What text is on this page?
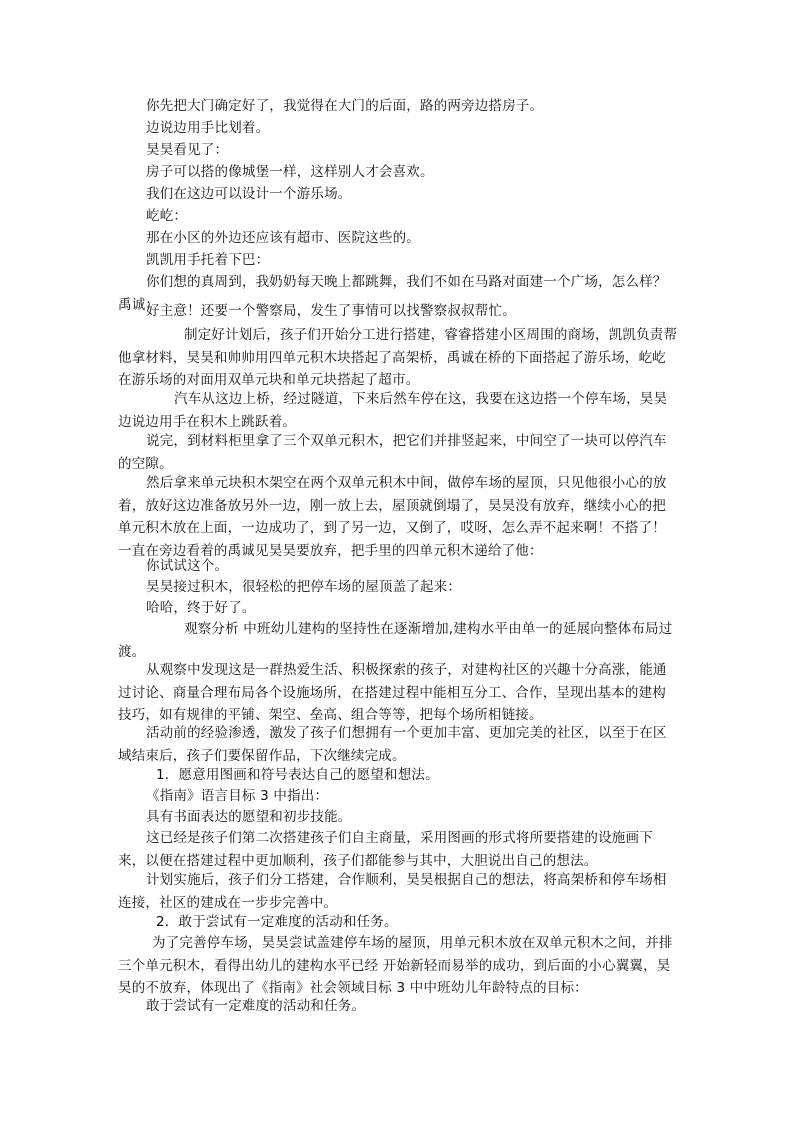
你先把大门确定好了，我觉得在大门的后面，路的两旁边搭房子。
边说边用手比划着。
昊昊看见了：
房子可以搭的像城堡一样，这样别人才会喜欢。
我们在这边可以设计一个游乐场。
屹屹：
那在小区的外边还应该有超市、医院这些的。
凯凯用手托着下巴：
你们想的真周到，我奶奶每天晚上都跳舞，我们不如在马路对面建一个广场，怎么样？禹诚：
好主意！还要一个警察局，发生了事情可以找警察叔叔帮忙。
制定好计划后，孩子们开始分工进行搭建，睿睿搭建小区周围的商场，凯凯负责帮他拿材料，昊昊和帅帅用四单元积木块搭起了高架桥，禹诚在桥的下面搭起了游乐场，屹屹在游乐场的对面用双单元块和单元块搭起了超市。
汽车从这边上桥，经过隧道，下来后然车停在这，我要在这边搭一个停车场，昊昊边说边用手在积木上跳跃着。
说完，到材料柜里拿了三个双单元积木，把它们并排竖起来，中间空了一块可以停汽车的空隙。
然后拿来单元块积木架空在两个双单元积木中间，做停车场的屋顶，只见他很小心的放着，放好这边准备放另外一边，刚一放上去，屋顶就倒塌了，昊昊没有放弃，继续小心的把单元积木放在上面，一边成功了，到了另一边，又倒了，哎呀，怎么弄不起来啊！不搭了！一直在旁边看着的禹诚见昊昊要放弃，把手里的四单元积木递给了他：
你试试这个。
昊昊接过积木，很轻松的把停车场的屋顶盖了起来：
哈哈，终于好了。
观察分析 中班幼儿建构的坚持性在逐渐增加,建构水平由单一的延展向整体布局过渡。
从观察中发现这是一群热爱生活、积极探索的孩子，对建构社区的兴趣十分高涨，能通过讨论、商量合理布局各个设施场所，在搭建过程中能相互分工、合作，呈现出基本的建构技巧，如有规律的平铺、架空、垒高、组合等等，把每个场所相链接。
活动前的经验渗透，激发了孩子们想拥有一个更加丰富、更加完美的社区，以至于在区域结束后，孩子们要保留作品，下次继续完成。
1．愿意用图画和符号表达自己的愿望和想法。
《指南》语言目标 3 中指出：
具有书面表达的愿望和初步技能。
这已经是孩子们第二次搭建孩子们自主商量，采用图画的形式将所要搭建的设施画下来，以便在搭建过程中更加顺利，孩子们都能参与其中，大胆说出自己的想法。
计划实施后，孩子们分工搭建，合作顺利，昊昊根据自己的想法，将高架桥和停车场相连接，社区的建成在一步步完善中。
2．敢于尝试有一定难度的活动和任务。
为了完善停车场，昊昊尝试盖建停车场的屋顶，用单元积木放在双单元积木之间，并排三个单元积木，看得出幼儿的建构水平已经 开始新轻而易举的成功，到后面的小心翼翼，昊昊的不放弃，体现出了《指南》社会领域目标 3 中中班幼儿年龄特点的目标：
敢于尝试有一定难度的活动和任务。
